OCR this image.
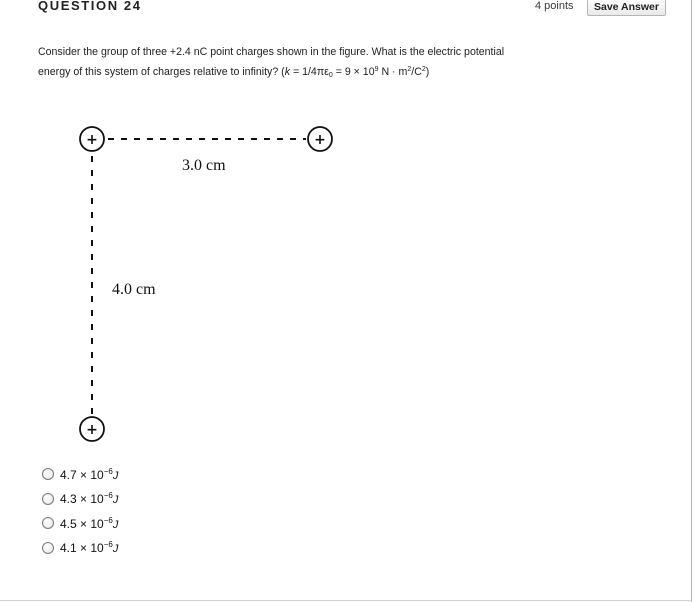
QUESTION 24	4 points	Save Answer
Consider the group of three +2.4 nC point charges shown in the figure. What is the electric potential energy of this system of charges relative to infinity? ($k = 1/4\pi\varepsilon_0 = 9 \times 10^9$ $N \cdot m^2/C^2$)
+	+
+
3.0 cm
4.0 cm
$4.7 \times 10^{-6}J$
$4.3 \times 10^{-6}J$
$4.5 \times 10^{-6}J$
$4.1 \times 10^{-6}J$
